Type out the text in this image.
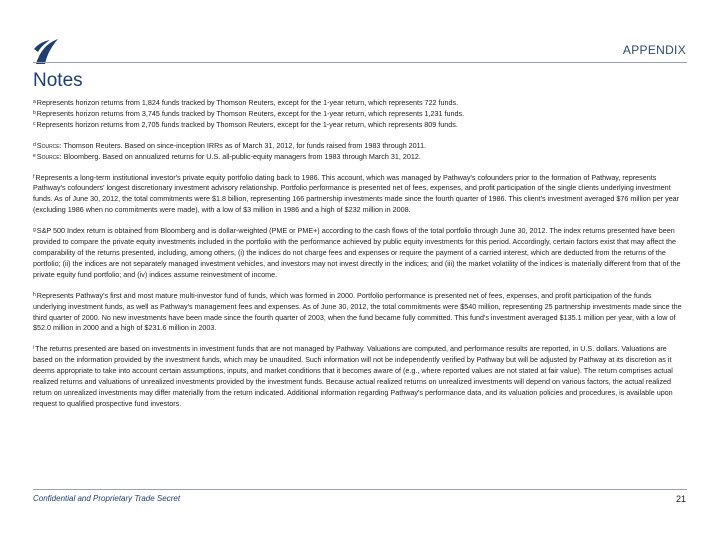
APPENDIX
Notes

$^a$Represents horizon returns from 1,824 funds tracked by Thomson Reuters, except for the 1-year return, which represents 722 funds.

$^b$Represents horizon returns from 3,745 funds tracked by Thomson Reuters, except for the 1-year return, which represents 1,231 funds.

$^c$Represents horizon returns from 2,705 funds tracked by Thomson Reuters, except for the 1-year return, which represents 809 funds.

$^d$Source: Thomson Reuters. Based on since-inception IRRs as of March 31, 2012, for funds raised from 1983 through 2011.

$^e$Source: Bloomberg. Based on annualized returns for U.S. all-public-equity managers from 1983 through March 31, 2012.

$^f$Represents a long-term institutional investor's private equity portfolio dating back to 1986. This account, which was managed by Pathway's cofounders prior to the formation of Pathway, represents Pathway's cofounders' longest discretionary investment advisory relationship. Portfolio performance is presented net of fees, expenses, and profit participation of the single clients underlying investment funds. As of June 30, 2012, the total commitments were $1.8 billion, representing 166 partnership investments made since the fourth quarter of 1986. This client's investment averaged $76 million per year (excluding 1986 when no commitments were made), with a low of $3 million in 1986 and a high of $232 million in 2008.

$^g$S&P 500 Index return is obtained from Bloomberg and is dollar-weighted (PME or PME+) according to the cash flows of the total portfolio through June 30, 2012. The index returns presented have been provided to compare the private equity investments included in the portfolio with the performance achieved by public equity investments for this period. Accordingly, certain factors exist that may affect the comparability of the returns presented, including, among others, (i) the indices do not charge fees and expenses or require the payment of a carried interest, which are deducted from the returns of the portfolio; (ii) the indices are not separately managed investment vehicles, and investors may not invest directly in the indices; and (iii) the market volatility of the indices is materially different from that of the private equity fund portfolio; and (iv) indices assume reinvestment of income.

$^h$Represents Pathway's first and most mature multi-investor fund of funds, which was formed in 2000. Portfolio performance is presented net of fees, expenses, and profit participation of the funds underlying investment funds, as well as Pathway's management fees and expenses. As of June 30, 2012, the total commitments were $540 million, representing 25 partnership investments made since the third quarter of 2000. No new investments have been made since the fourth quarter of 2003, when the fund became fully committed. This fund's investment averaged $135.1 million per year, with a low of $52.0 million in 2000 and a high of $231.6 million in 2003.

$^i$The returns presented are based on investments in investment funds that are not managed by Pathway. Valuations are computed, and performance results are reported, in U.S. dollars. Valuations are based on the information provided by the investment funds, which may be unaudited. Such information will not be independently verified by Pathway but will be adjusted by Pathway at its discretion as it deems appropriate to take into account certain assumptions, inputs, and market conditions that it becomes aware of (e.g., where reported values are not stated at fair value). The return comprises actual realized returns and valuations of unrealized investments provided by the investment funds. Because actual realized returns on unrealized investments will depend on various factors, the actual realized return on unrealized investments may differ materially from the return indicated. Additional information regarding Pathway's performance data, and its valuation policies and procedures, is available upon request to qualified prospective fund investors.

Confidential and Proprietary Trade Secret	21
